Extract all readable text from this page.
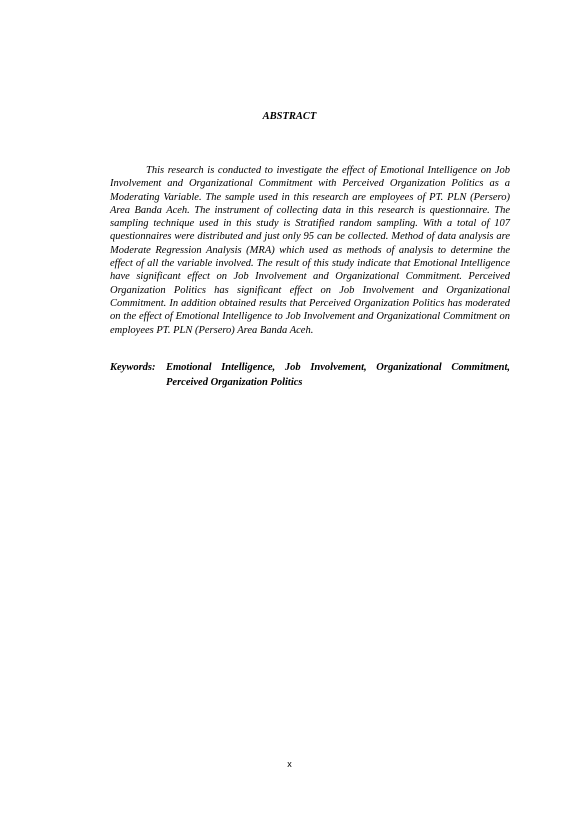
ABSTRACT

This research is conducted to investigate the effect of Emotional Intelligence on Job Involvement and Organizational Commitment with Perceived Organization Politics as a Moderating Variable. The sample used in this research are employees of PT. PLN (Persero) Area Banda Aceh. The instrument of collecting data in this research is questionnaire. The sampling technique used in this study is Stratified random sampling. With a total of 107 questionnaires were distributed and just only 95 can be collected. Method of data analysis are Moderate Regression Analysis (MRA) which used as methods of analysis to determine the effect of all the variable involved. The result of this study indicate that Emotional Intelligence have significant effect on Job Involvement and Organizational Commitment. Perceived Organization Politics has significant effect on Job Involvement and Organizational Commitment. In addition obtained results that Perceived Organization Politics has moderated on the effect of Emotional Intelligence to Job Involvement and Organizational Commitment on employees PT. PLN (Persero) Area Banda Aceh.

Keywords:	Emotional Intelligence, Job Involvement, Organizational Commitment, Perceived Organization Politics
x
